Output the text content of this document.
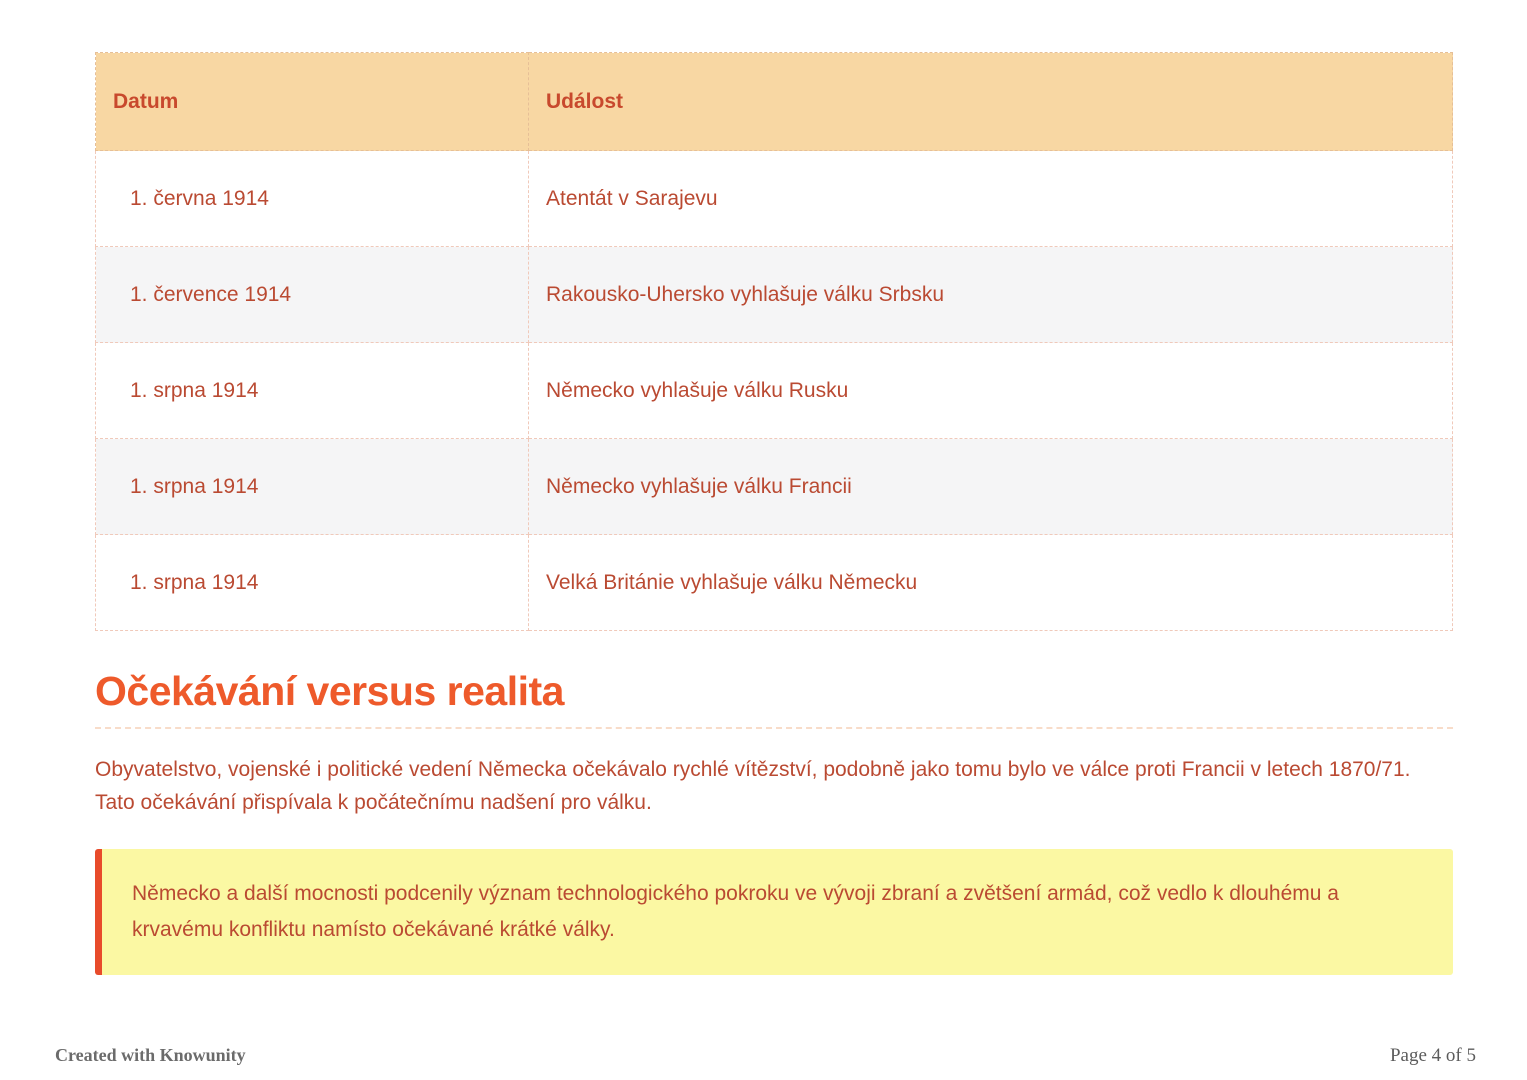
Datum	Událost
1. června 1914	Atentát v Sarajevu
1. července 1914	Rakousko-Uhersko vyhlašuje válku Srbsku
1. srpna 1914	Německo vyhlašuje válku Rusku
1. srpna 1914	Německo vyhlašuje válku Francii
1. srpna 1914	Velká Británie vyhlašuje válku Německu
Očekávání versus realita

Obyvatelstvo, vojenské i politické vedení Německa očekávalo rychlé vítězství, podobně jako tomu bylo ve válce proti Francii v letech 1870/71. Tato očekávání přispívala k počátečnímu nadšení pro válku.

Německo a další mocnosti podcenily význam technologického pokroku ve vývoji zbraní a zvětšení armád, což vedlo k dlouhému a krvavému konfliktu namísto očekávané krátké války.

Created with Knowunity	Page 4 of 5
